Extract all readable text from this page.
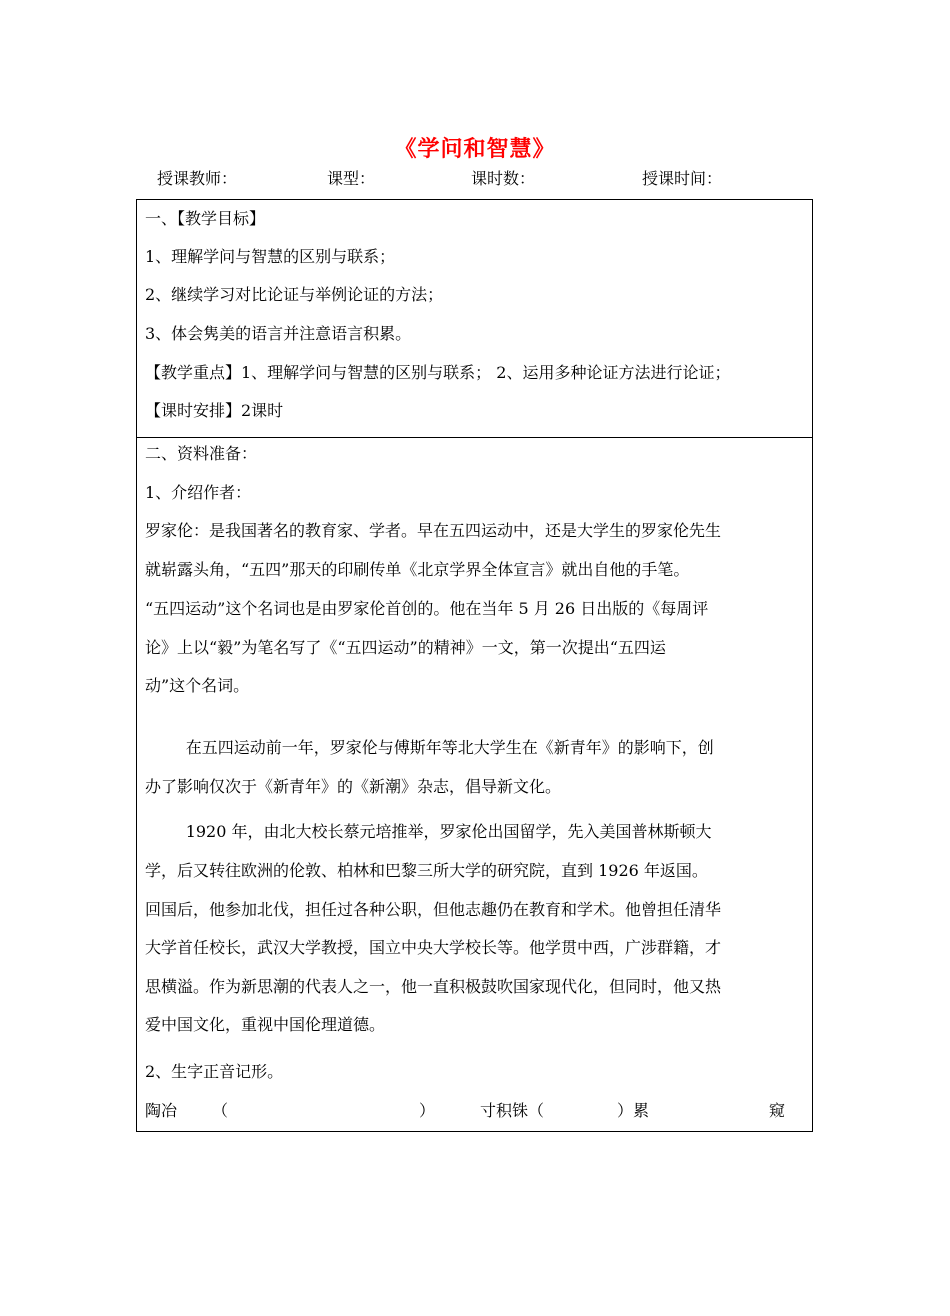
《学问和智慧》
授课教师：	课型：	课时数：	授课时间：
一、【教学目标】
1、理解学问与智慧的区别与联系；
2、继续学习对比论证与举例论证的方法；
3、体会隽美的语言并注意语言积累。
【教学重点】1、理解学问与智慧的区别与联系； 2、运用多种论证方法进行论证；
【课时安排】2课时
二、资料准备：
1、介绍作者：
罗家伦：是我国著名的教育家、学者。早在五四运动中，还是大学生的罗家伦先生
就崭露头角，“五四”那天的印刷传单《北京学界全体宣言》就出自他的手笔。
“五四运动”这个名词也是由罗家伦首创的。他在当年 5 月 26 日出版的《每周评
论》上以“毅”为笔名写了《“五四运动”的精神》一文，第一次提出“五四运
动”这个名词。
在五四运动前一年，罗家伦与傅斯年等北大学生在《新青年》的影响下，创
办了影响仅次于《新青年》的《新潮》杂志，倡导新文化。
1920 年，由北大校长蔡元培推举，罗家伦出国留学，先入美国普林斯顿大
学，后又转往欧洲的伦敦、柏林和巴黎三所大学的研究院，直到 1926 年返国。
回国后，他参加北伐，担任过各种公职，但他志趣仍在教育和学术。他曾担任清华
大学首任校长，武汉大学教授，国立中央大学校长等。他学贯中西，广涉群籍，才
思横溢。作为新思潮的代表人之一，他一直积极鼓吹国家现代化，但同时，他又热
爱中国文化，重视中国伦理道德。
2、生字正音记形。
陶冶 （	）	寸积铢（	）累	窥
